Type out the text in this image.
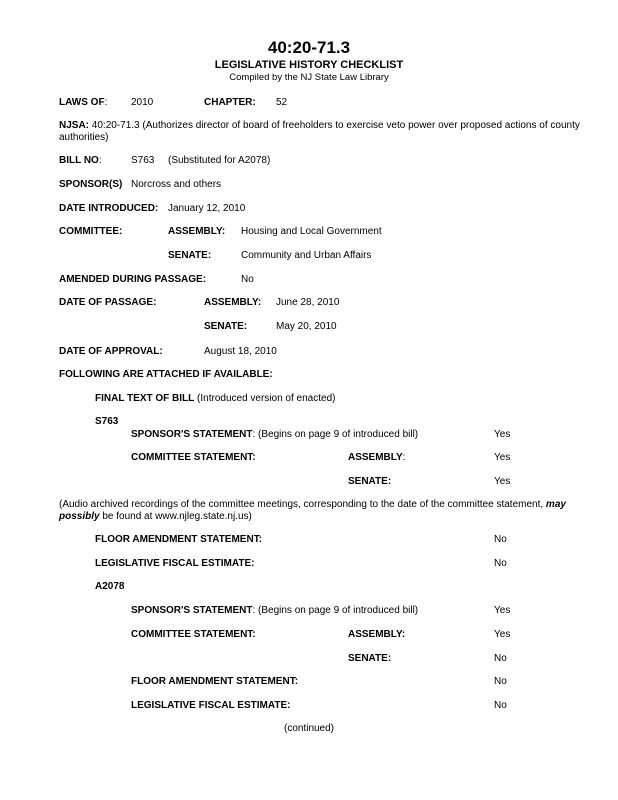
40:20-71.3
LEGISLATIVE HISTORY CHECKLIST
Compiled by the NJ State Law Library
LAWS OF: 2010	CHAPTER: 52
NJSA: 40:20-71.3 (Authorizes director of board of freeholders to exercise veto power over proposed actions of county authorities)
BILL NO:	S763 (Substituted for A2078)
SPONSOR(S) Norcross and others
DATE INTRODUCED: January 12, 2010
COMMITTEE:	ASSEMBLY: Housing and Local Government
SENATE:	Community and Urban Affairs
AMENDED DURING PASSAGE:	No
DATE OF PASSAGE:	ASSEMBLY: June 28, 2010
SENATE:	May 20, 2010
DATE OF APPROVAL:	August 18, 2010
FOLLOWING ARE ATTACHED IF AVAILABLE:
FINAL TEXT OF BILL (Introduced version of enacted)
S763
SPONSOR'S STATEMENT: (Begins on page 9 of introduced bill)	Yes
COMMITTEE STATEMENT:	ASSEMBLY:	Yes
SENATE:	Yes
(Audio archived recordings of the committee meetings, corresponding to the date of the committee statement, may possibly be found at www.njleg.state.nj.us)
FLOOR AMENDMENT STATEMENT:	No
LEGISLATIVE FISCAL ESTIMATE:	No
A2078
SPONSOR'S STATEMENT: (Begins on page 9 of introduced bill)	Yes
COMMITTEE STATEMENT:	ASSEMBLY:	Yes
SENATE:	No
FLOOR AMENDMENT STATEMENT:	No
LEGISLATIVE FISCAL ESTIMATE:	No
(continued)
